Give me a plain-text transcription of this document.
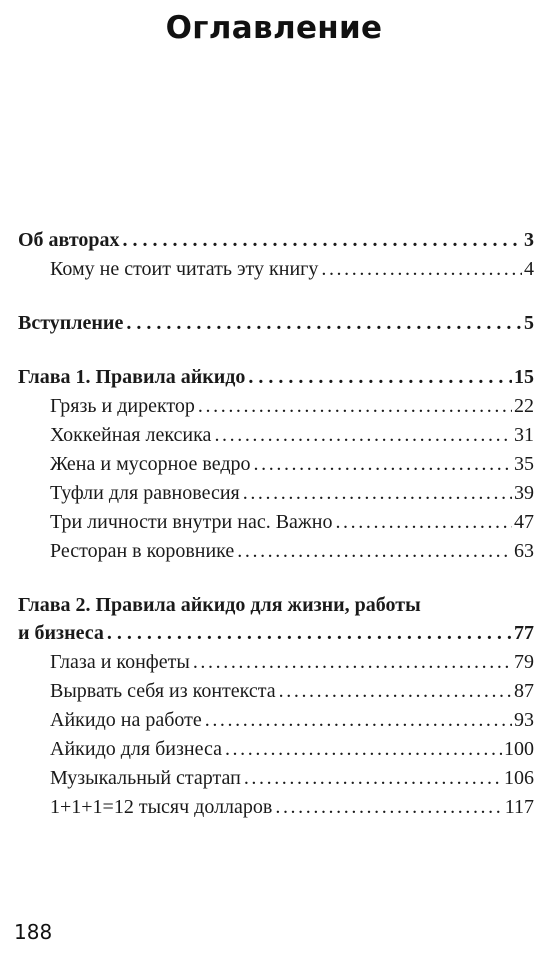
Оглавление
Об авторах . . .	3
Кому не стоит читать эту книгу .....	4
Вступление . . .	5
Глава 1. Правила айкидо . . .	15
Грязь и директор .....	22
Хоккейная лексика .....	31
Жена и мусорное ведро .....	35
Туфли для равновесия .....	39
Три личности внутри нас. Важно .....	47
Ресторан в коровнике .....	63
Глава 2. Правила айкидо для жизни, работы
и бизнеса . . .	77
Глаза и конфеты .....	79
Вырвать себя из контекста .....	87
Айкидо на работе .....	93
Айкидо для бизнеса .....	100
Музыкальный стартап .....	106
1+1+1=12 тысяч долларов .....	117
188
